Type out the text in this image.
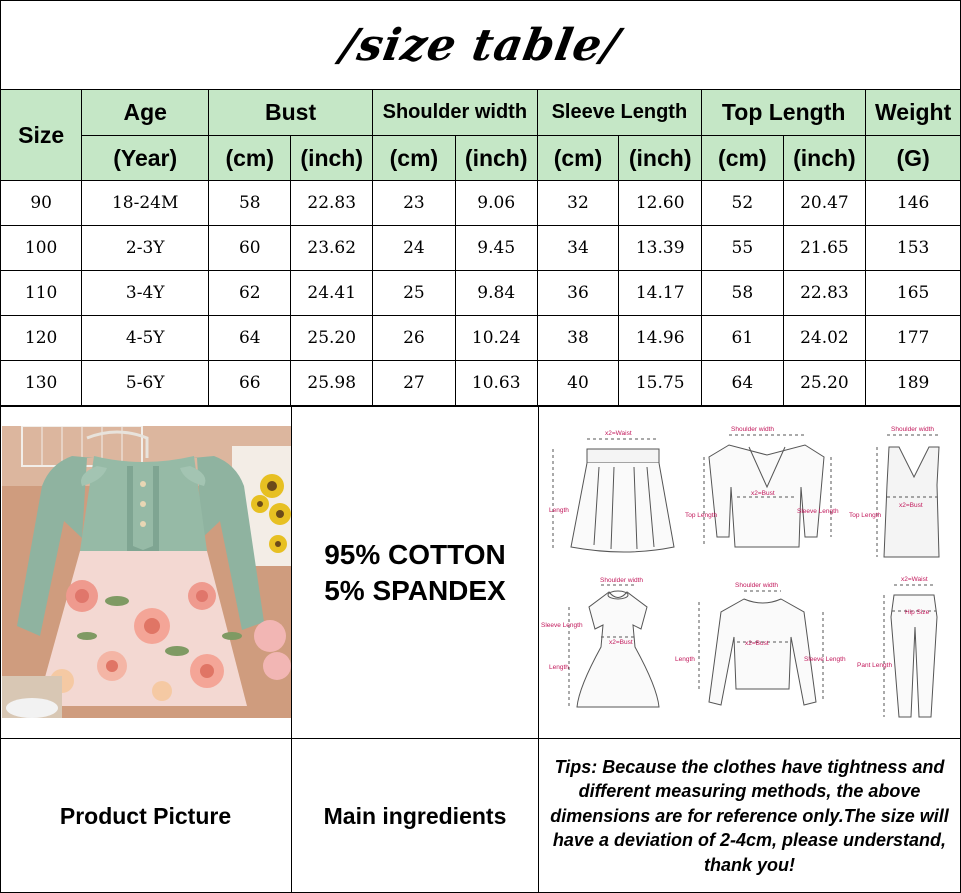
/size table/
Size	Age	Bust		Shoulder width		Sleeve Length		Top Length		Weight
	(Year)	(cm)	(inch)	(cm)	(inch)	(cm)	(inch)	(cm)	(inch)	(G)
90	18-24M	58	22.83	23	9.06	32	12.60	52	20.47	146
100	2-3Y	60	23.62	24	9.45	34	13.39	55	21.65	153
110	3-4Y	62	24.41	25	9.84	36	14.17	58	22.83	165
120	4-5Y	64	25.20	26	10.24	38	14.96	61	24.02	177
130	5-6Y	66	25.98	27	10.63	40	15.75	64	25.20	189
95% COTTON
5% SPANDEX
x2=Waist
Length
Shoulder width
x2=Bust
Top Length
Sleeve Length
Shoulder width
x2=Bust
Top Length
Shoulder width
Sleeve Length
x2=Bust
Length
Shoulder width
x2=Bust
Length	Sleeve Length
x2=Waist
Hip Size
Pant Length
Product Picture	Main ingredients
Tips: Because the clothes have tightness and different measuring methods, the above dimensions are for reference only.The size will have a deviation of 2-4cm, please understand, thank you!
